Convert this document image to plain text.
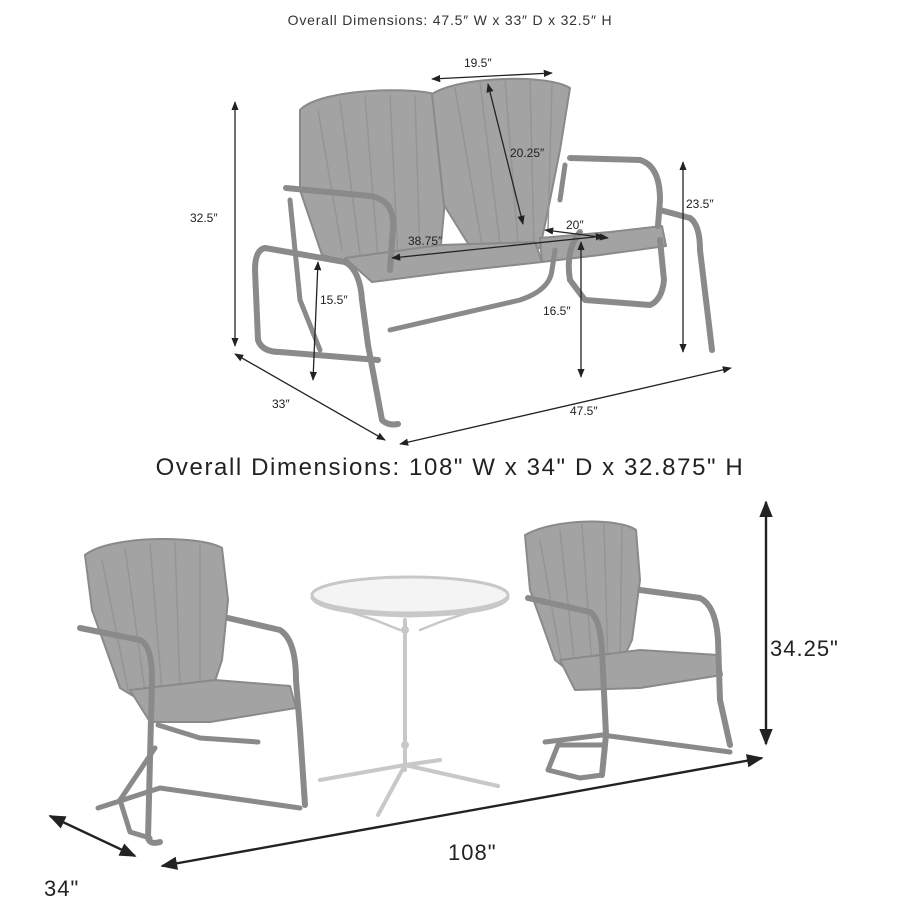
Overall Dimensions: 47.5″ W x 33″ D x 32.5″ H
Overall Dimensions: 108" W x 34" D x 32.875" H
19.5″
20.25″
32.5″
23.5″
20″
38.75″
15.5″
16.5″
33″	47.5″
34.25"
108"
34"
